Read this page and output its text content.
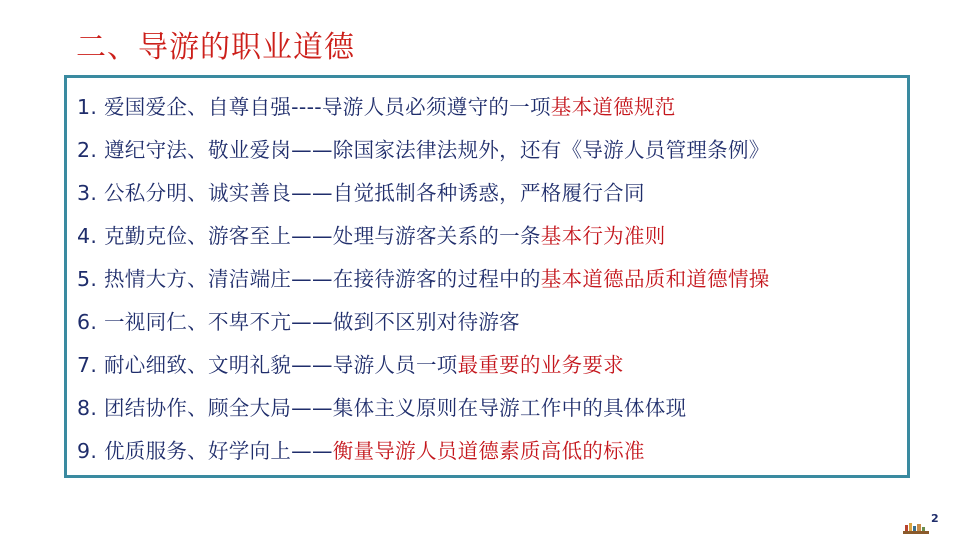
二、导游的职业道德
1. 爱国爱企、自尊自强----导游人员必须遵守的一项基本道德规范
2. 遵纪守法、敬业爱岗——除国家法律法规外，还有《导游人员管理条例》
3. 公私分明、诚实善良——自觉抵制各种诱惑，严格履行合同
4. 克勤克俭、游客至上——处理与游客关系的一条基本行为准则
5. 热情大方、清洁端庄——在接待游客的过程中的基本道德品质和道德情操
6. 一视同仁、不卑不亢——做到不区别对待游客
7. 耐心细致、文明礼貌——导游人员一项最重要的业务要求
8. 团结协作、顾全大局——集体主义原则在导游工作中的具体体现
9. 优质服务、好学向上——衡量导游人员道德素质高低的标准
2
